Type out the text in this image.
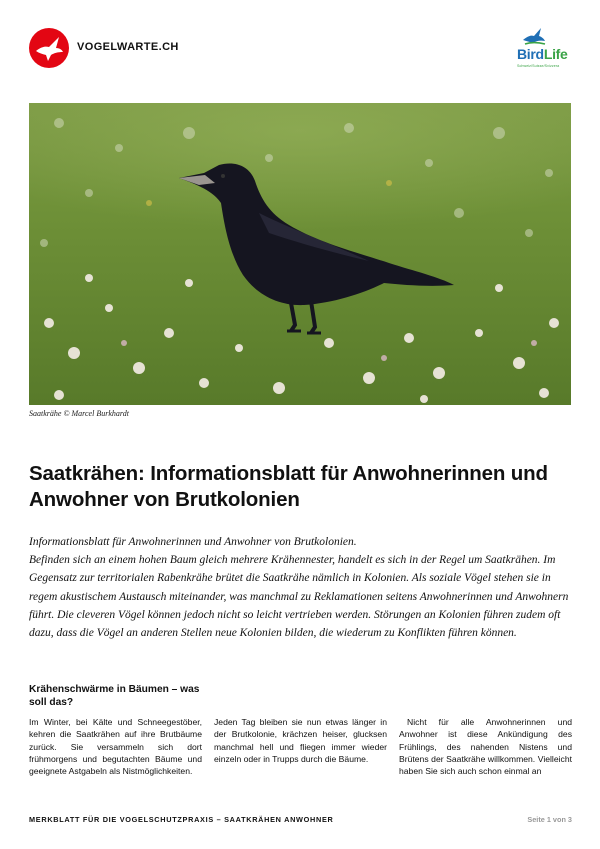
VOGELWARTE.CH	BirdLife
Schweiz/Suisse/Svizzera
Saatkrähe © Marcel Burkhardt
Saatkrähen: Informationsblatt für Anwohnerinnen und Anwohner von Brutkolonien

Informationsblatt für Anwohnerinnen und Anwohner von Brutkolonien.

Befinden sich an einem hohen Baum gleich mehrere Krähennester, handelt es sich in der Regel um Saatkrähen. Im Gegensatz zur territorialen Rabenkrähe brütet die Saatkrähe nämlich in Kolonien. Als soziale Vögel stehen sie in regem akustischem Austausch miteinander, was manchmal zu Reklamationen seitens Anwohnerinnen und Anwohnern führt. Die cleveren Vögel können jedoch nicht so leicht vertrieben werden. Störungen an Kolonien führen zudem oft dazu, dass die Vögel an anderen Stellen neue Kolonien bilden, die wiederum zu Konflikten führen können.

Krähenschwärme in Bäumen – was soll das?
Im Winter, bei Kälte und Schneegestöber, kehren die Saatkrähen auf ihre Brutbäume zurück. Sie versammeln sich dort frühmorgens und begutachten Bäume und geeignete Astgabeln als Nistmöglichkeiten.
Jeden Tag bleiben sie nun etwas länger in der Brutkolonie, krächzen heiser, glucksen manchmal hell und fliegen immer wieder einzeln oder in Trupps durch die Bäume.
Nicht für alle Anwohnerinnen und Anwohner ist diese Ankündigung des Frühlings, des nahenden Nistens und Brütens der Saatkrähe willkommen. Vielleicht haben Sie sich auch schon einmal an
MERKBLATT FÜR DIE VOGELSCHUTZPRAXIS – SAATKRÄHEN ANWOHNER	Seite 1 von 3
